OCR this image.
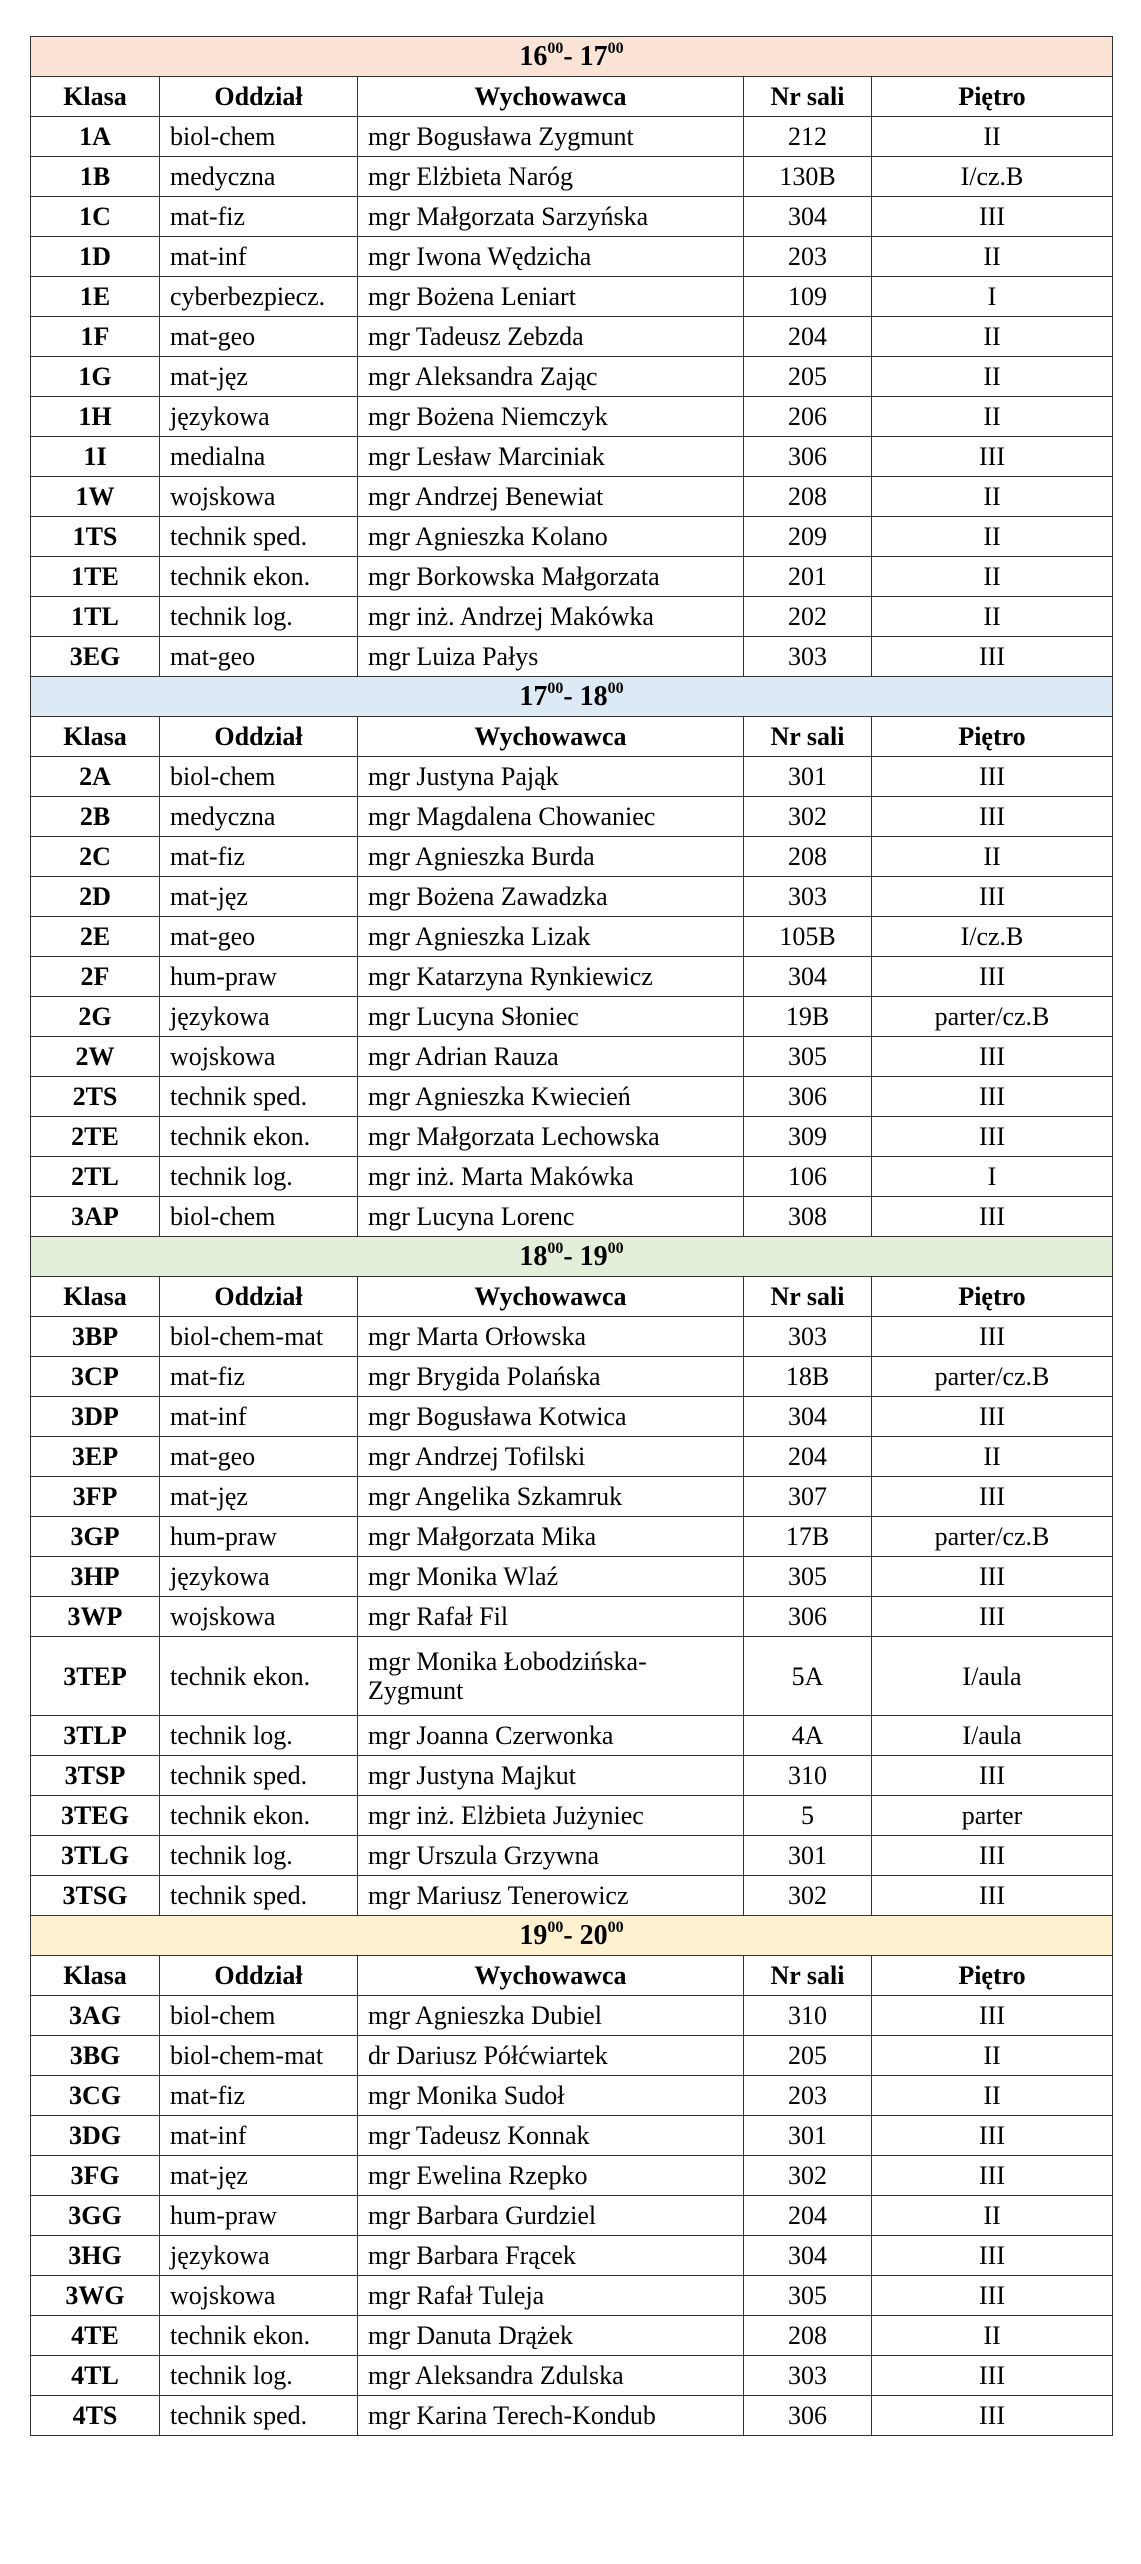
$16^{00}-$ $17^{00}$
Klasa	Oddział	Wychowawca	Nr sali	Piętro
1A	biol-chem	mgr Bogusława Zygmunt	212	II
1B	medyczna	mgr Elżbieta Naróg	130B	I/cz.B
1C	mat-fiz	mgr Małgorzata Sarzyńska	304	III
1D	mat-inf	mgr Iwona Wędzicha	203	II
1E	cyberbezpiecz.	mgr Bożena Leniart	109	I
1F	mat-geo	mgr Tadeusz Zebzda	204	II
1G	mat-jęz	mgr Aleksandra Zając	205	II
1H	językowa	mgr Bożena Niemczyk	206	II
1I	medialna	mgr Lesław Marciniak	306	III
1W	wojskowa	mgr Andrzej Benewiat	208	II
1TS	technik sped.	mgr Agnieszka Kolano	209	II
1TE	technik ekon.	mgr Borkowska Małgorzata	201	II
1TL	technik log.	mgr inż. Andrzej Makówka	202	II
3EG	mat-geo	mgr Luiza Pałys	303	III
$17^{00}-$ $18^{00}$
Klasa	Oddział	Wychowawca	Nr sali	Piętro
2A	biol-chem	mgr Justyna Pająk	301	III
2B	medyczna	mgr Magdalena Chowaniec	302	III
2C	mat-fiz	mgr Agnieszka Burda	208	II
2D	mat-jęz	mgr Bożena Zawadzka	303	III
2E	mat-geo	mgr Agnieszka Lizak	105B	I/cz.B
2F	hum-praw	mgr Katarzyna Rynkiewicz	304	III
2G	językowa	mgr Lucyna Słoniec	19B	parter/cz.B
2W	wojskowa	mgr Adrian Rauza	305	III
2TS	technik sped.	mgr Agnieszka Kwiecień	306	III
2TE	technik ekon.	mgr Małgorzata Lechowska	309	III
2TL	technik log.	mgr inż. Marta Makówka	106	I
3AP	biol-chem	mgr Lucyna Lorenc	308	III
$18^{00}-$ $19^{00}$
Klasa	Oddział	Wychowawca	Nr sali	Piętro
3BP	biol-chem-mat	mgr Marta Orłowska	303	III
3CP	mat-fiz	mgr Brygida Polańska	18B	parter/cz.B
3DP	mat-inf	mgr Bogusława Kotwica	304	III
3EP	mat-geo	mgr Andrzej Tofilski	204	II
3FP	mat-jęz	mgr Angelika Szkamruk	307	III
3GP	hum-praw	mgr Małgorzata Mika	17B	parter/cz.B
3HP	językowa	mgr Monika Wlaź	305	III
3WP	wojskowa	mgr Rafał Fil	306	III
3TEP	technik ekon.	mgr Monika Łobodzińska-Zygmunt	5A	I/aula
3TLP	technik log.	mgr Joanna Czerwonka	4A	I/aula
3TSP	technik sped.	mgr Justyna Majkut	310	III
3TEG	technik ekon.	mgr inż. Elżbieta Jużyniec	5	parter
3TLG	technik log.	mgr Urszula Grzywna	301	III
3TSG	technik sped.	mgr Mariusz Tenerowicz	302	III
$19^{00}-$ $20^{00}$
Klasa	Oddział	Wychowawca	Nr sali	Piętro
3AG	biol-chem	mgr Agnieszka Dubiel	310	III
3BG	biol-chem-mat	dr Dariusz Półćwiartek	205	II
3CG	mat-fiz	mgr Monika Sudoł	203	II
3DG	mat-inf	mgr Tadeusz Konnak	301	III
3FG	mat-jęz	mgr Ewelina Rzepko	302	III
3GG	hum-praw	mgr Barbara Gurdziel	204	II
3HG	językowa	mgr Barbara Frącek	304	III
3WG	wojskowa	mgr Rafał Tuleja	305	III
4TE	technik ekon.	mgr Danuta Drążek	208	II
4TL	technik log.	mgr Aleksandra Zdulska	303	III
4TS	technik sped.	mgr Karina Terech-Kondub	306	III
